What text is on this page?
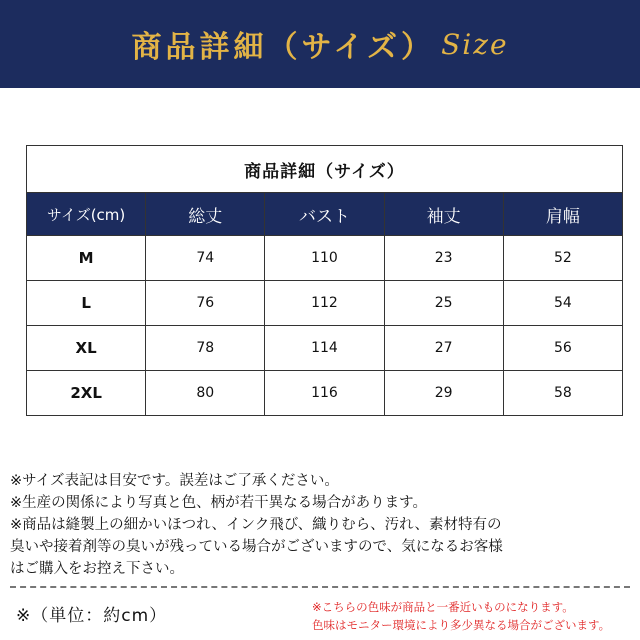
商品詳細（サイズ） Size
商品詳細（サイズ）				
サイズ(cm)	総丈	バスト	袖丈	肩幅
M	74	110	23	52
L	76	112	25	54
XL	78	114	27	56
2XL	80	116	29	58
※サイズ表記は目安です。誤差はご了承ください。
※生産の関係により写真と色、柄が若干異なる場合があります。
※商品は縫製上の細かいほつれ、インク飛び、織りむら、汚れ、素材特有の
臭いや接着剤等の臭いが残っている場合がございますので、気になるお客様
はご購入をお控え下さい。
※（単位：約cm）	※こちらの色味が商品と一番近いものになります。
色味はモニター環境により多少異なる場合がございます。
